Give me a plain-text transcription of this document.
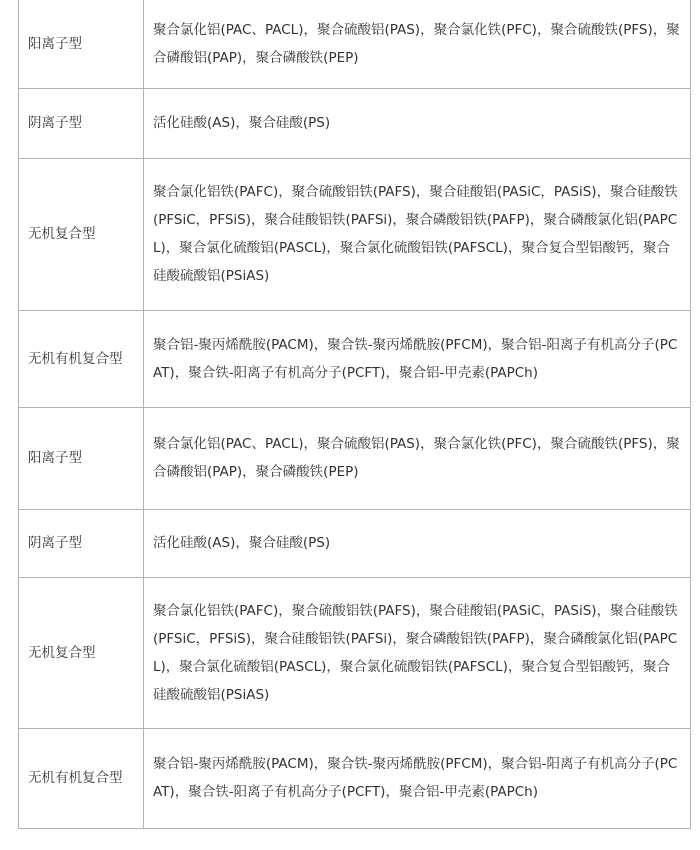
阳离子型	聚合氯化铝(PAC、PACL)，聚合硫酸铝(PAS)，聚合氯化铁(PFC)，聚合硫酸铁(PFS)，聚合磷酸铝(PAP)，聚合磷酸铁(PEP)
阴离子型	活化硅酸(AS)，聚合硅酸(PS)
无机复合型	聚合氯化铝铁(PAFC)，聚合硫酸铝铁(PAFS)，聚合硅酸铝(PASiC，PASiS)，聚合硅酸铁(PFSiC，PFSiS)，聚合硅酸铝铁(PAFSi)，聚合磷酸铝铁(PAFP)，聚合磷酸氯化铝(PAPCL)，聚合氯化硫酸铝(PASCL)，聚合氯化硫酸铝铁(PAFSCL)，聚合复合型铝酸钙，聚合硅酸硫酸铝(PSiAS)
无机有机复合型	聚合铝-聚丙烯酰胺(PACM)，聚合铁-聚丙烯酰胺(PFCM)，聚合铝-阳离子有机高分子(PCAT)，聚合铁-阳离子有机高分子(PCFT)，聚合铝-甲壳素(PAPCh)
阳离子型	聚合氯化铝(PAC、PACL)，聚合硫酸铝(PAS)，聚合氯化铁(PFC)，聚合硫酸铁(PFS)，聚合磷酸铝(PAP)，聚合磷酸铁(PEP)
阴离子型	活化硅酸(AS)，聚合硅酸(PS)
无机复合型	聚合氯化铝铁(PAFC)，聚合硫酸铝铁(PAFS)，聚合硅酸铝(PASiC，PASiS)，聚合硅酸铁(PFSiC，PFSiS)，聚合硅酸铝铁(PAFSi)，聚合磷酸铝铁(PAFP)，聚合磷酸氯化铝(PAPCL)，聚合氯化硫酸铝(PASCL)，聚合氯化硫酸铝铁(PAFSCL)，聚合复合型铝酸钙，聚合硅酸硫酸铝(PSiAS)
无机有机复合型	聚合铝-聚丙烯酰胺(PACM)，聚合铁-聚丙烯酰胺(PFCM)，聚合铝-阳离子有机高分子(PCAT)，聚合铁-阳离子有机高分子(PCFT)，聚合铝-甲壳素(PAPCh)
